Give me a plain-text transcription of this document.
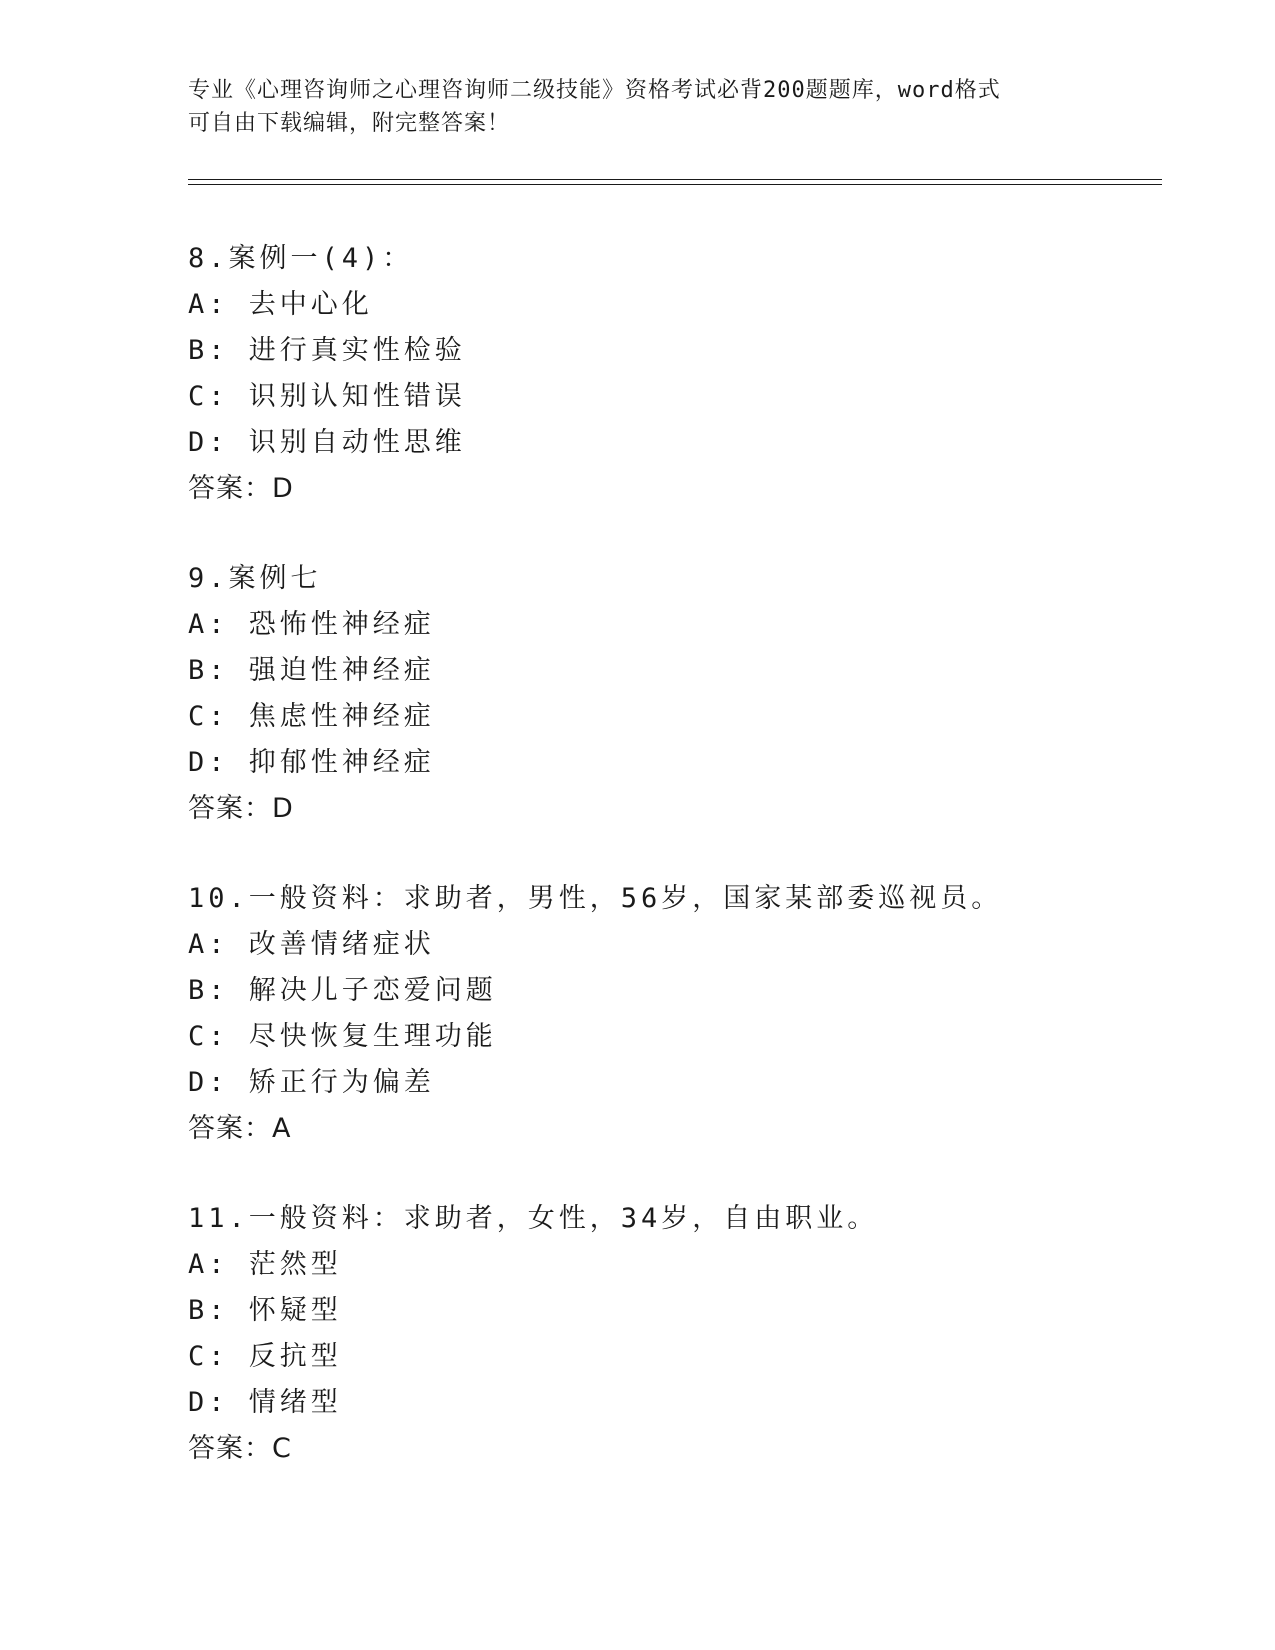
专业《心理咨询师之心理咨询师二级技能》资格考试必背200题题库，word格式
可自由下载编辑，附完整答案！
8.案例一(4)：
A: 去中心化
B: 进行真实性检验
C: 识别认知性错误
D: 识别自动性思维
答案：D
9.案例七
A: 恐怖性神经症
B: 强迫性神经症
C: 焦虑性神经症
D: 抑郁性神经症
答案：D
10.一般资料：求助者，男性，56岁，国家某部委巡视员。
A: 改善情绪症状
B: 解决儿子恋爱问题
C: 尽快恢复生理功能
D: 矫正行为偏差
答案：A
11.一般资料：求助者，女性，34岁，自由职业。
A: 茫然型
B: 怀疑型
C: 反抗型
D: 情绪型
答案：C
